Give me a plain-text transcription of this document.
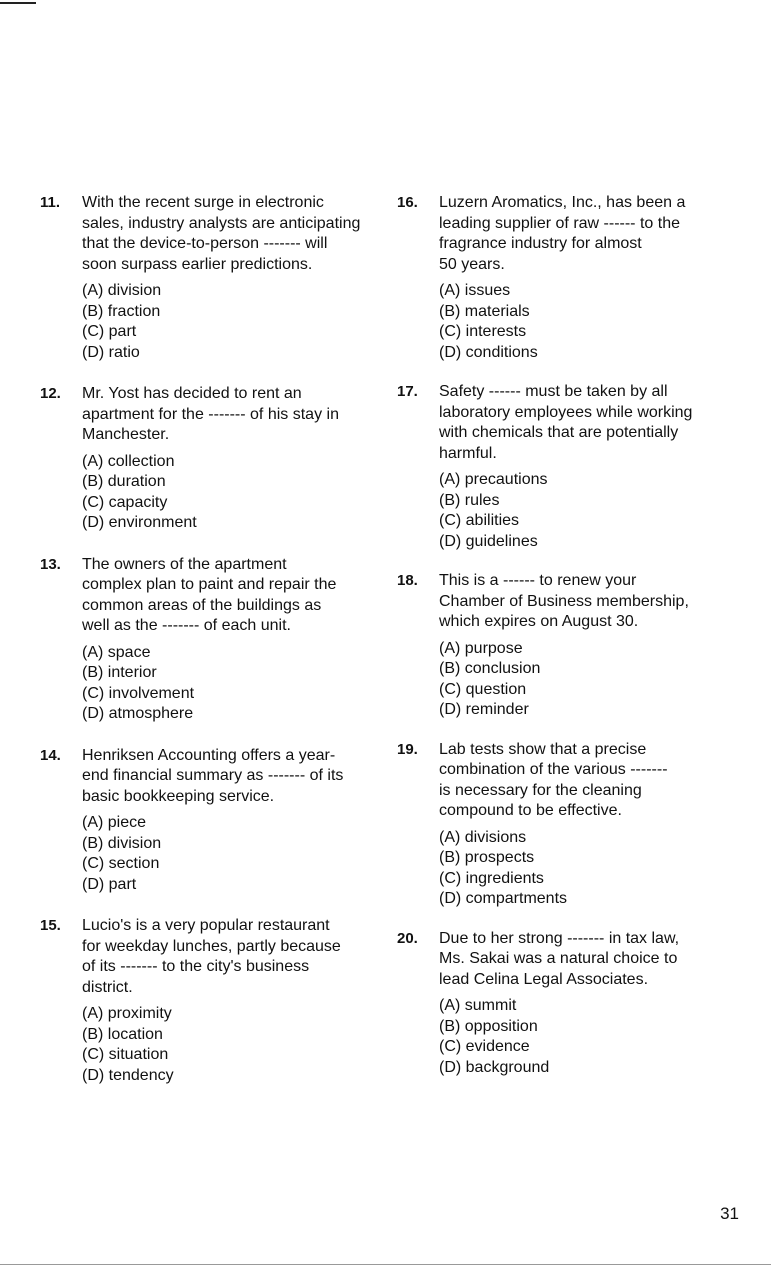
11. With the recent surge in electronic
sales, industry analysts are anticipating
that the device-to-person ------- will
soon surpass earlier predictions.
(A) division
(B) fraction
(C) part
(D) ratio
12. Mr. Yost has decided to rent an
apartment for the ------- of his stay in
Manchester.
(A) collection
(B) duration
(C) capacity
(D) environment
13. The owners of the apartment
complex plan to paint and repair the
common areas of the buildings as
well as the ------- of each unit.
(A) space
(B) interior
(C) involvement
(D) atmosphere
14. Henriksen Accounting offers a year-
end financial summary as ------- of its
basic bookkeeping service.
(A) piece
(B) division
(C) section
(D) part
15. Lucio's is a very popular restaurant
for weekday lunches, partly because
of its ------- to the city's business
district.
(A) proximity
(B) location
(C) situation
(D) tendency
16. Luzern Aromatics, Inc., has been a
leading supplier of raw ------ to the
fragrance industry for almost
50 years.
(A) issues
(B) materials
(C) interests
(D) conditions
17. Safety ------ must be taken by all
laboratory employees while working
with chemicals that are potentially
harmful.
(A) precautions
(B) rules
(C) abilities
(D) guidelines
18. This is a ------ to renew your
Chamber of Business membership,
which expires on August 30.
(A) purpose
(B) conclusion
(C) question
(D) reminder
19. Lab tests show that a precise
combination of the various -------
is necessary for the cleaning
compound to be effective.
(A) divisions
(B) prospects
(C) ingredients
(D) compartments
20. Due to her strong ------- in tax law,
Ms. Sakai was a natural choice to
lead Celina Legal Associates.
(A) summit
(B) opposition
(C) evidence
(D) background
31
